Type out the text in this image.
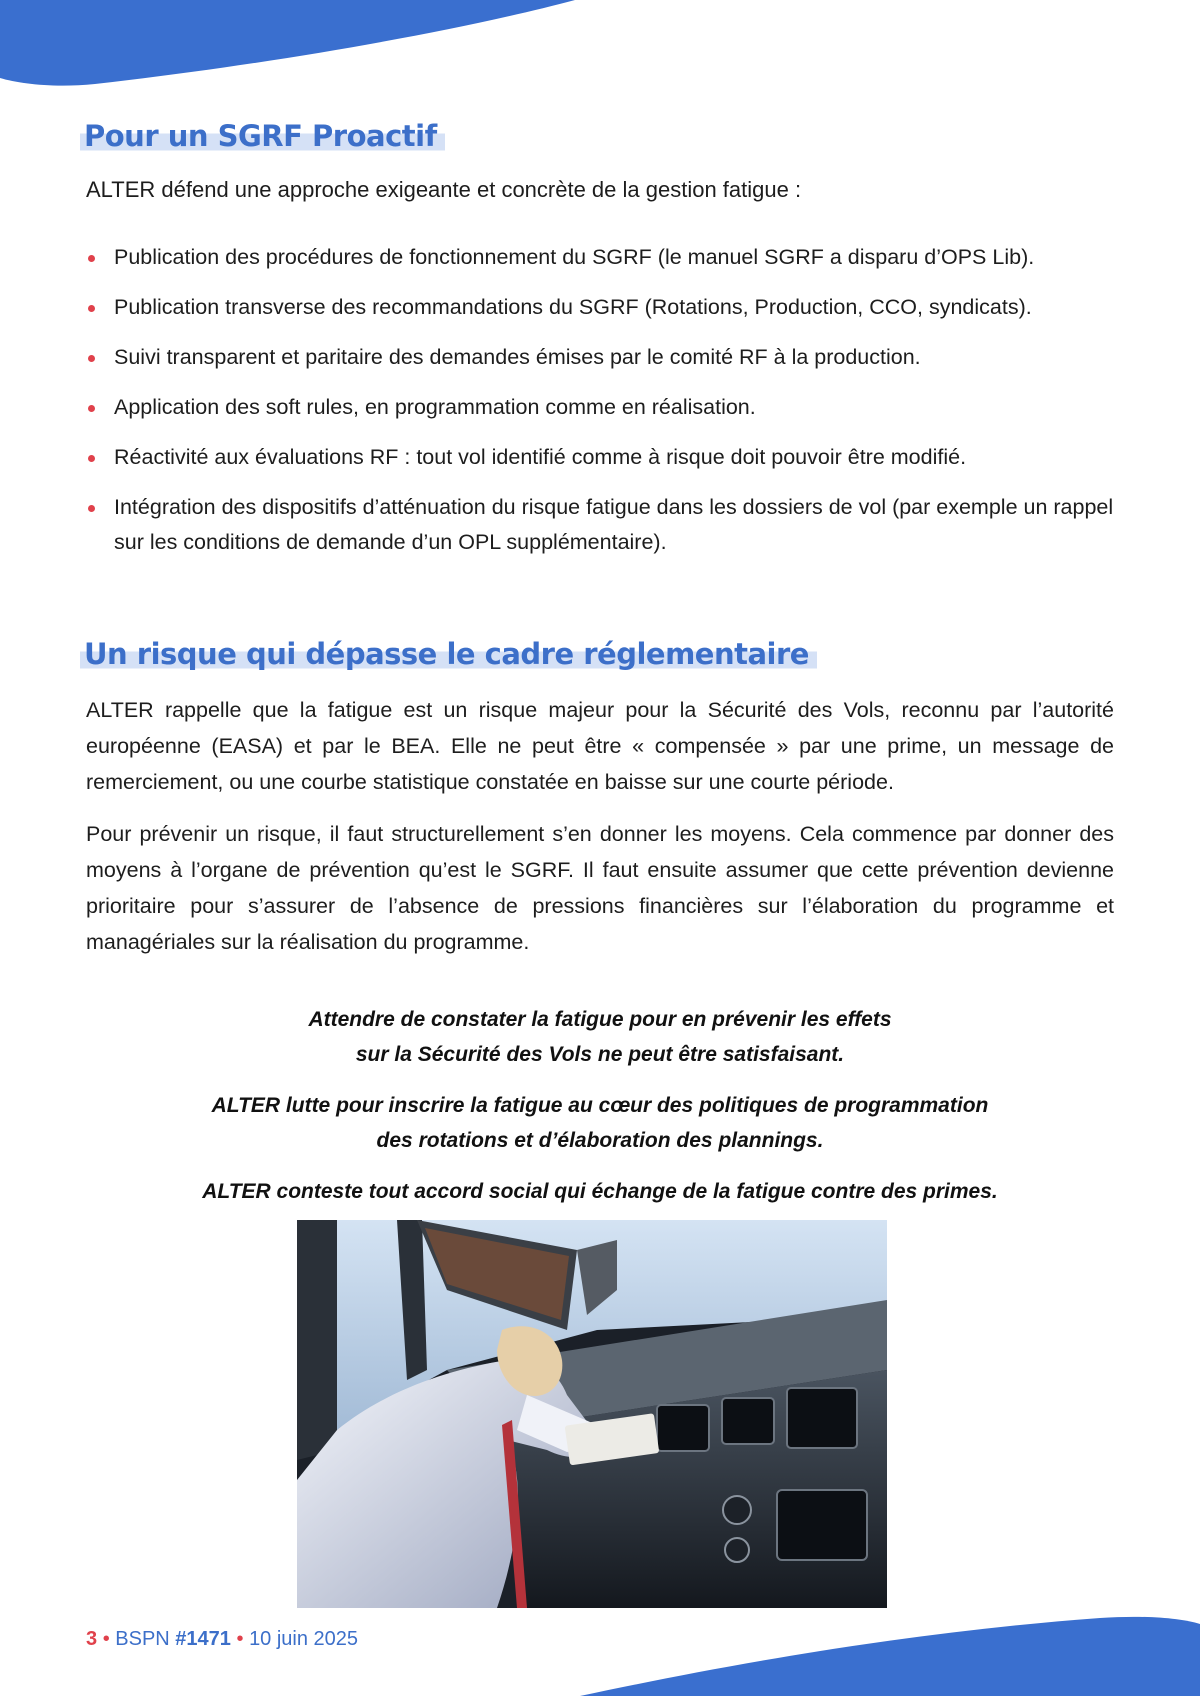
Pour un SGRF Proactif

ALTER défend une approche exigeante et concrète de la gestion fatigue :

Publication des procédures de fonctionnement du SGRF (le manuel SGRF a disparu d’OPS Lib).
Publication transverse des recommandations du SGRF (Rotations, Production, CCO, syndicats).
Suivi transparent et paritaire des demandes émises par le comité RF à la production.
Application des soft rules, en programmation comme en réalisation.
Réactivité aux évaluations RF : tout vol identifié comme à risque doit pouvoir être modifié.
Intégration des dispositifs d’atténuation du risque fatigue dans les dossiers de vol (par exemple un rappel sur les conditions de demande d’un OPL supplémentaire).
Un risque qui dépasse le cadre réglementaire

ALTER rappelle que la fatigue est un risque majeur pour la Sécurité des Vols, reconnu par l’autorité européenne (EASA) et par le BEA. Elle ne peut être « compensée » par une prime, un message de remerciement, ou une courbe statistique constatée en baisse sur une courte période.

Pour prévenir un risque, il faut structurellement s’en donner les moyens. Cela commence par donner des moyens à l’organe de prévention qu’est le SGRF. Il faut ensuite assumer que cette prévention devienne prioritaire pour s’assurer de l’absence de pressions financières sur l’élaboration du programme et managériales sur la réalisation du programme.

Attendre de constater la fatigue pour en prévenir les effets
sur la Sécurité des Vols ne peut être satisfaisant.

ALTER lutte pour inscrire la fatigue au cœur des politiques de programmation
des rotations et d’élaboration des plannings.

ALTER conteste tout accord social qui échange de la fatigue contre des primes.

3 • BSPN #1471 • 10 juin 2025
